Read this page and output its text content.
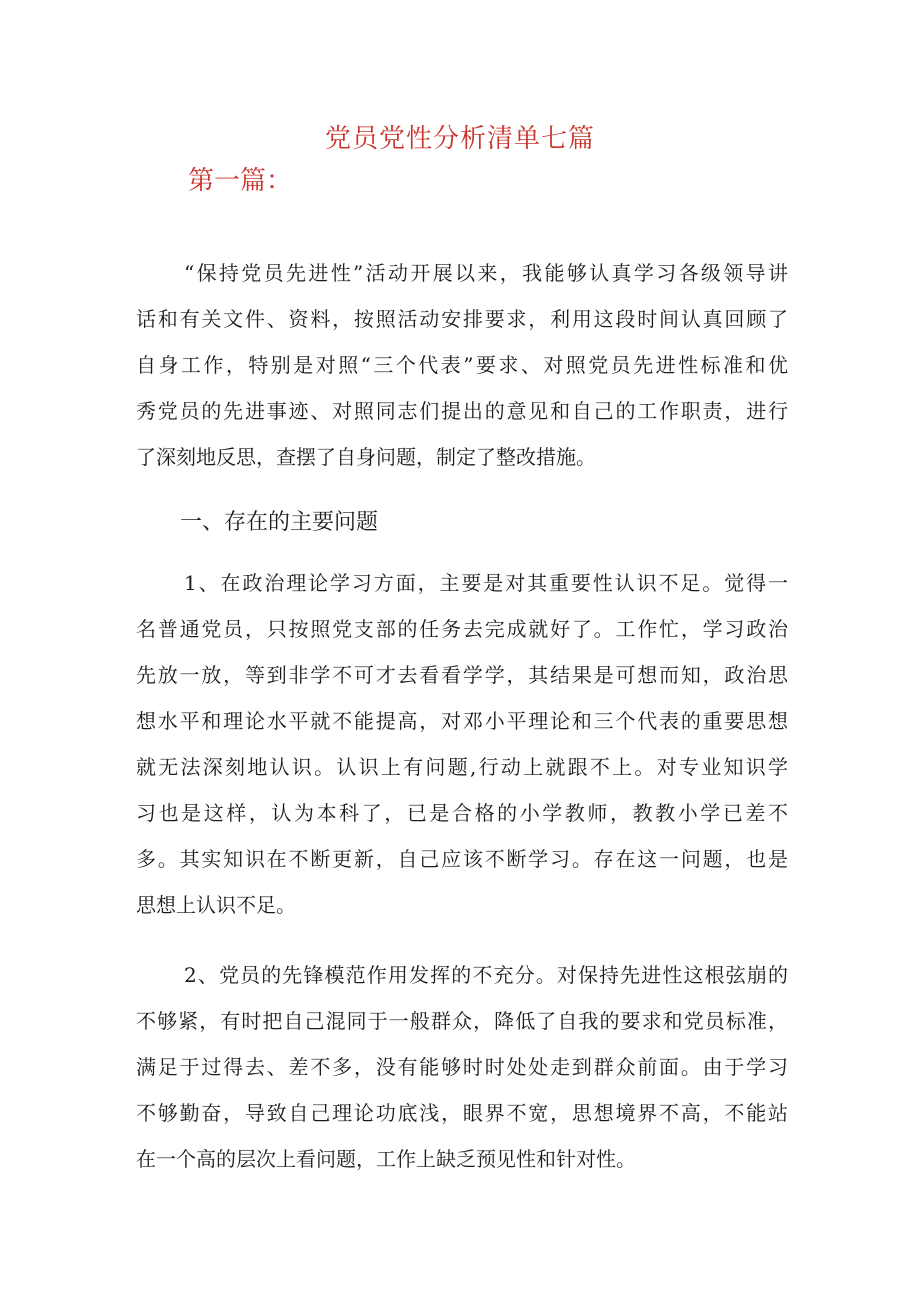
党员党性分析清单七篇
第一篇：

“保持党员先进性”活动开展以来，我能够认真学习各级领导讲
话和有关文件、资料，按照活动安排要求，利用这段时间认真回顾了
自身工作，特别是对照“三个代表”要求、对照党员先进性标准和优
秀党员的先进事迹、对照同志们提出的意见和自己的工作职责，进行
了深刻地反思，查摆了自身问题，制定了整改措施。

一、存在的主要问题

1、在政治理论学习方面，主要是对其重要性认识不足。觉得一
名普通党员，只按照党支部的任务去完成就好了。工作忙，学习政治
先放一放，等到非学不可才去看看学学，其结果是可想而知，政治思
想水平和理论水平就不能提高，对邓小平理论和三个代表的重要思想
就无法深刻地认识。认识上有问题,行动上就跟不上。对专业知识学
习也是这样，认为本科了，已是合格的小学教师，教教小学已差不
多。其实知识在不断更新，自己应该不断学习。存在这一问题，也是
思想上认识不足。

2、党员的先锋模范作用发挥的不充分。对保持先进性这根弦崩的
不够紧，有时把自己混同于一般群众，降低了自我的要求和党员标准，
满足于过得去、差不多，没有能够时时处处走到群众前面。由于学习
不够勤奋，导致自己理论功底浅，眼界不宽，思想境界不高，不能站
在一个高的层次上看问题，工作上缺乏预见性和针对性。
